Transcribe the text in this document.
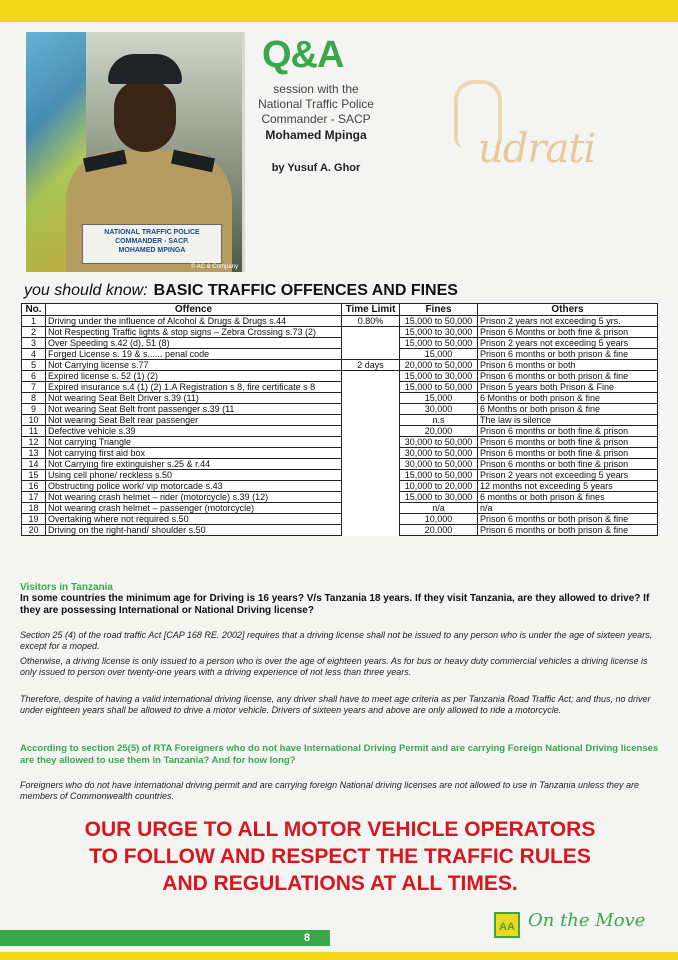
NATIONAL TRAFFIC POLICE
COMMANDER - SACP.
MOHAMED MPINGA
© AC & Company
Q&A
session with the
National Traffic Police
Commander - SACP
Mohamed Mpinga
by Yusuf A. Ghor	udrati
you should know: BASIC TRAFFIC OFFENCES AND FINES
No.	Offence	Time Limit	Fines	Others
1	Driving under the influence of Alcohol & Drugs & Drugs s.44	0.80%	15,000 to 50,000	Prison 2 years not exceeding 5 yrs.
2	Not Respecting Traffic lights & stop signs – Zebra Crossing s.73 (2)		15,000 to 30,000	Prison 6 Months or both fine & prison
3	Over Speeding s.42 (d), 51 (8)		15,000 to 50,000	Prison 2 years not exceeding 5 years
4	Forged License s. 19 & s...... penal code		15,000	Prison 6 months or both prison & fine
5	Not Carrying license s.77	2 days	20,000 to 50,000	Prison 6 months or both
6	Expired license s. 52 (1) (2)		15,000 to 30,000	Prison 6 months or both prison & fine
7	Expired insurance s.4 (1) (2) 1.A Registration s 8, fire certificate s 8		15,000 to 50,000	Prison 5 years both Prison & Fine
8	Not wearing Seat Belt Driver s.39 (11)		15,000	6 Months or both prison & fine
9	Not wearing Seat Belt front passenger s.39 (11		30,000	6 Months or both prison & fine
10	Not wearing Seat Belt rear passenger		n.s	The law is silence
11	Defective vehicle s.39		20,000	Prison 6 months or both fine & prison
12	Not carrying Triangle		30,000 to 50,000	Prison 6 months or both fine & prison
13	Not carrying first aid box		30,000 to 50,000	Prison 6 months or both fine & prison
14	Not Carrying fire extinguisher s.25 & r.44		30,000 to 50,000	Prison 6 months or both fine & prison
15	Using cell phone/ reckless s.50		15,000 to 50,000	Prison 2 years not exceeding 5 years
16	Obstructing police work/ vip motorcade s.43		10,000 to 20,000	12 months not exceeding 5 years
17	Not wearing crash helmet – rider (motorcycle) s.39 (12)		15,000 to 30,000	6 months or both prison & fines
18	Not wearing crash helmet – passenger (motorcycle)		n/a	n/a
19	Overtaking where not required s.50		10,000	Prison 6 months or both prison & fine
20	Driving on the right-hand/ shoulder s.50		20,000	Prison 6 months or both prison & fine
Visitors in Tanzania
In some countries the minimum age for Driving is 16 years? V/s Tanzania 18 years. If they visit Tanzania, are they allowed to drive? If they are possessing International or National Driving license?
Section 25 (4) of the road traffic Act [CAP 168 RE. 2002] requires that a driving license shall not be issued to any person who is under the age of sixteen years, except for a moped.
Otherwise, a driving license is only issued to a person who is over the age of eighteen years. As for bus or heavy duty commercial vehicles a driving license is only issued to person over twenty-one years with a driving experience of not less than three years.
Therefore, despite of having a valid international driving license, any driver shall have to meet age criteria as per Tanzania Road Traffic Act; and thus, no driver under eighteen years shall be allowed to drive a motor vehicle. Drivers of sixteen years and above are only allowed to ride a motorcycle.
According to section 25(5) of RTA Foreigners who do not have International Driving Permit and are carrying Foreign National Driving licenses are they allowed to use them in Tanzania? And for how long?
Foreigners who do not have international driving permit and are carrying foreign National driving licenses are not allowed to use in Tanzania unless they are members of Commonwealth countries.
OUR URGE TO ALL MOTOR VEHICLE OPERATORS
TO FOLLOW AND RESPECT THE TRAFFIC RULES
AND REGULATIONS AT ALL TIMES.
8
AA On the Move
